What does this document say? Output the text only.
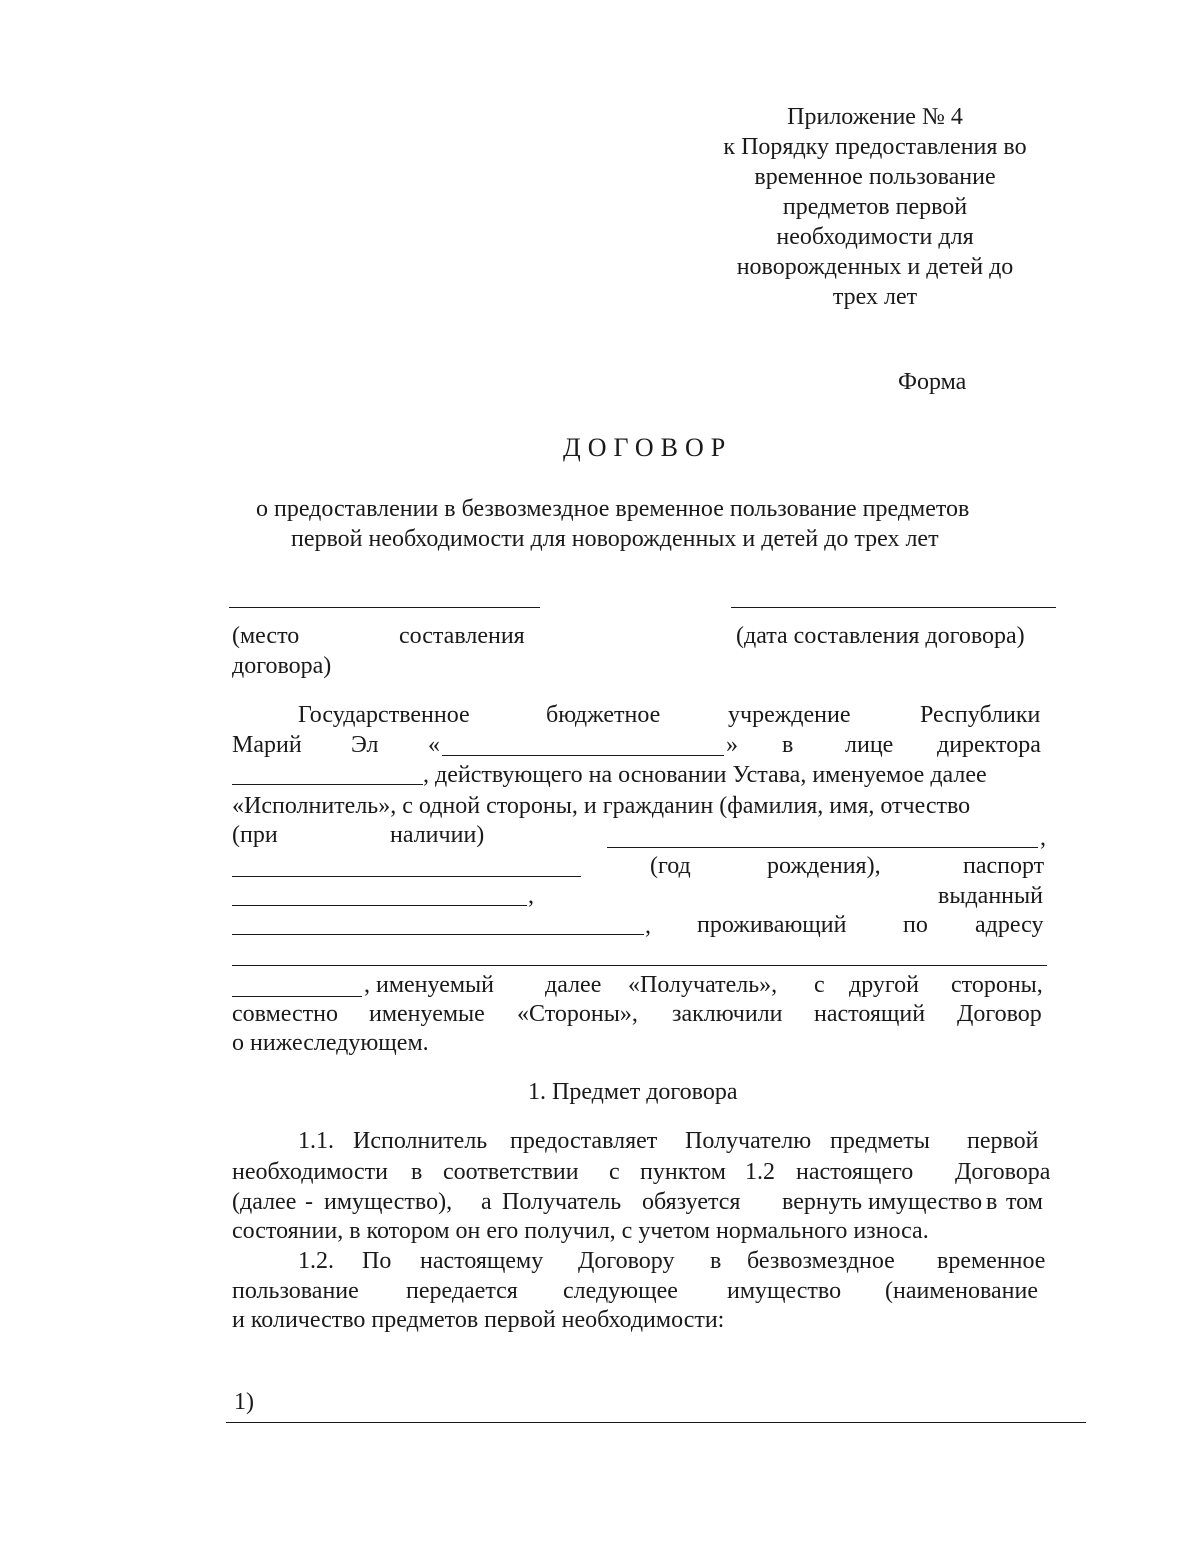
Приложение № 4
к Порядку предоставления во
временное пользование
предметов первой
необходимости для
новорожденных и детей до
трех лет
Форма
ДОГОВОР
о предоставлении в безвозмездное временное пользование предметов
первой необходимости для новорожденных и детей до трех лет
(место	составления
договора)
(дата составления договора)
Государственное	бюджетное	учреждение	Республики
Марий Эл «	» в лице директора
, действующего на основании Устава, именуемое далее
«Исполнитель», с одной стороны, и гражданин (фамилия, имя, отчество
(при	наличии)	,
(год	рождения),	паспорт
,	выданный
, проживающий по адресу
, именуемый далее «Получатель», с другой стороны,
совместно именуемые «Стороны», заключили настоящий Договор
о нижеследующем.
1. Предмет договора
1.1. Исполнитель предоставляет Получателю предметы первой
необходимости в соответствии с пунктом 1.2 настоящего Договора
(далее - имущество), а Получатель обязуется вернуть имущество в том
состоянии, в котором он его получил, с учетом нормального износа.
1.2. По настоящему Договору в безвозмездное временное
пользование передается следующее имущество (наименование
и количество предметов первой необходимости:
1)
